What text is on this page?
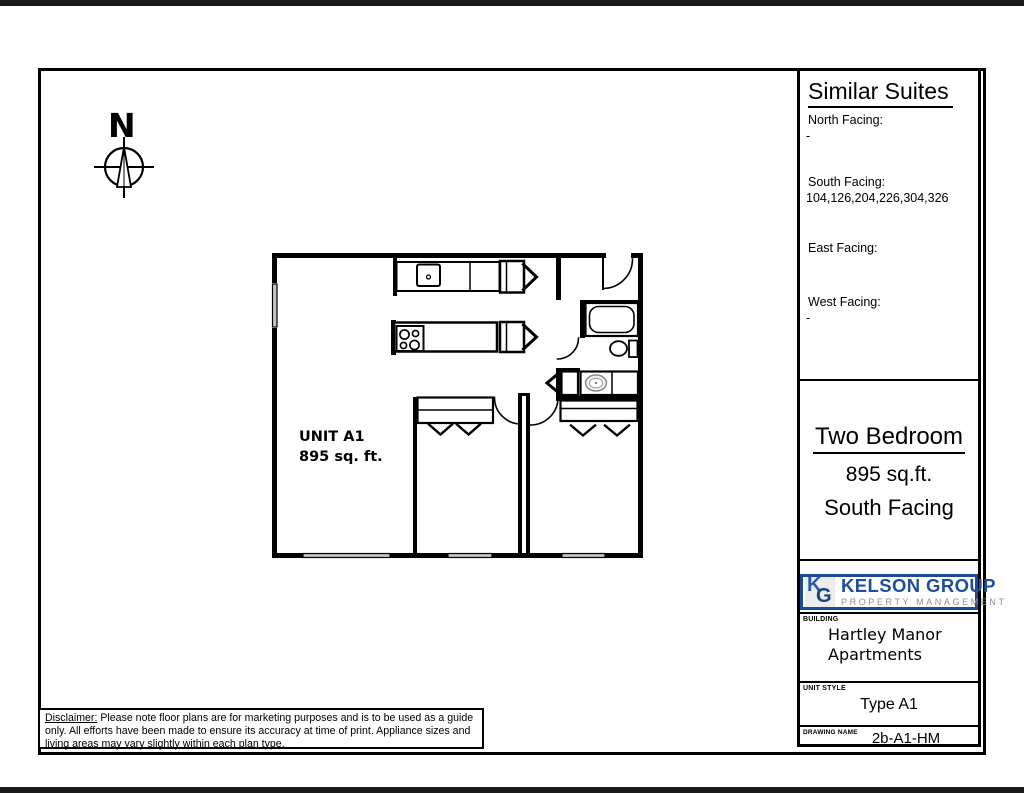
N
UNIT A1
895 sq. ft.
Similar Suites
North Facing:
-
South Facing:
104,126,204,226,304,326
East Facing:
West Facing:
-
Two Bedroom
895 sq.ft.
South Facing
K
G KELSON GROUP
PROPERTY MANAGEMENT
BUILDING
Hartley Manor Apartments
UNIT STYLE
Type A1
DRAWING NAME 2b-A1-HM
Disclaimer: Please note floor plans are for marketing purposes and is to be used as a guide only. All efforts have been made to ensure its accuracy at time of print. Appliance sizes and living areas may vary slightly within each plan type.
